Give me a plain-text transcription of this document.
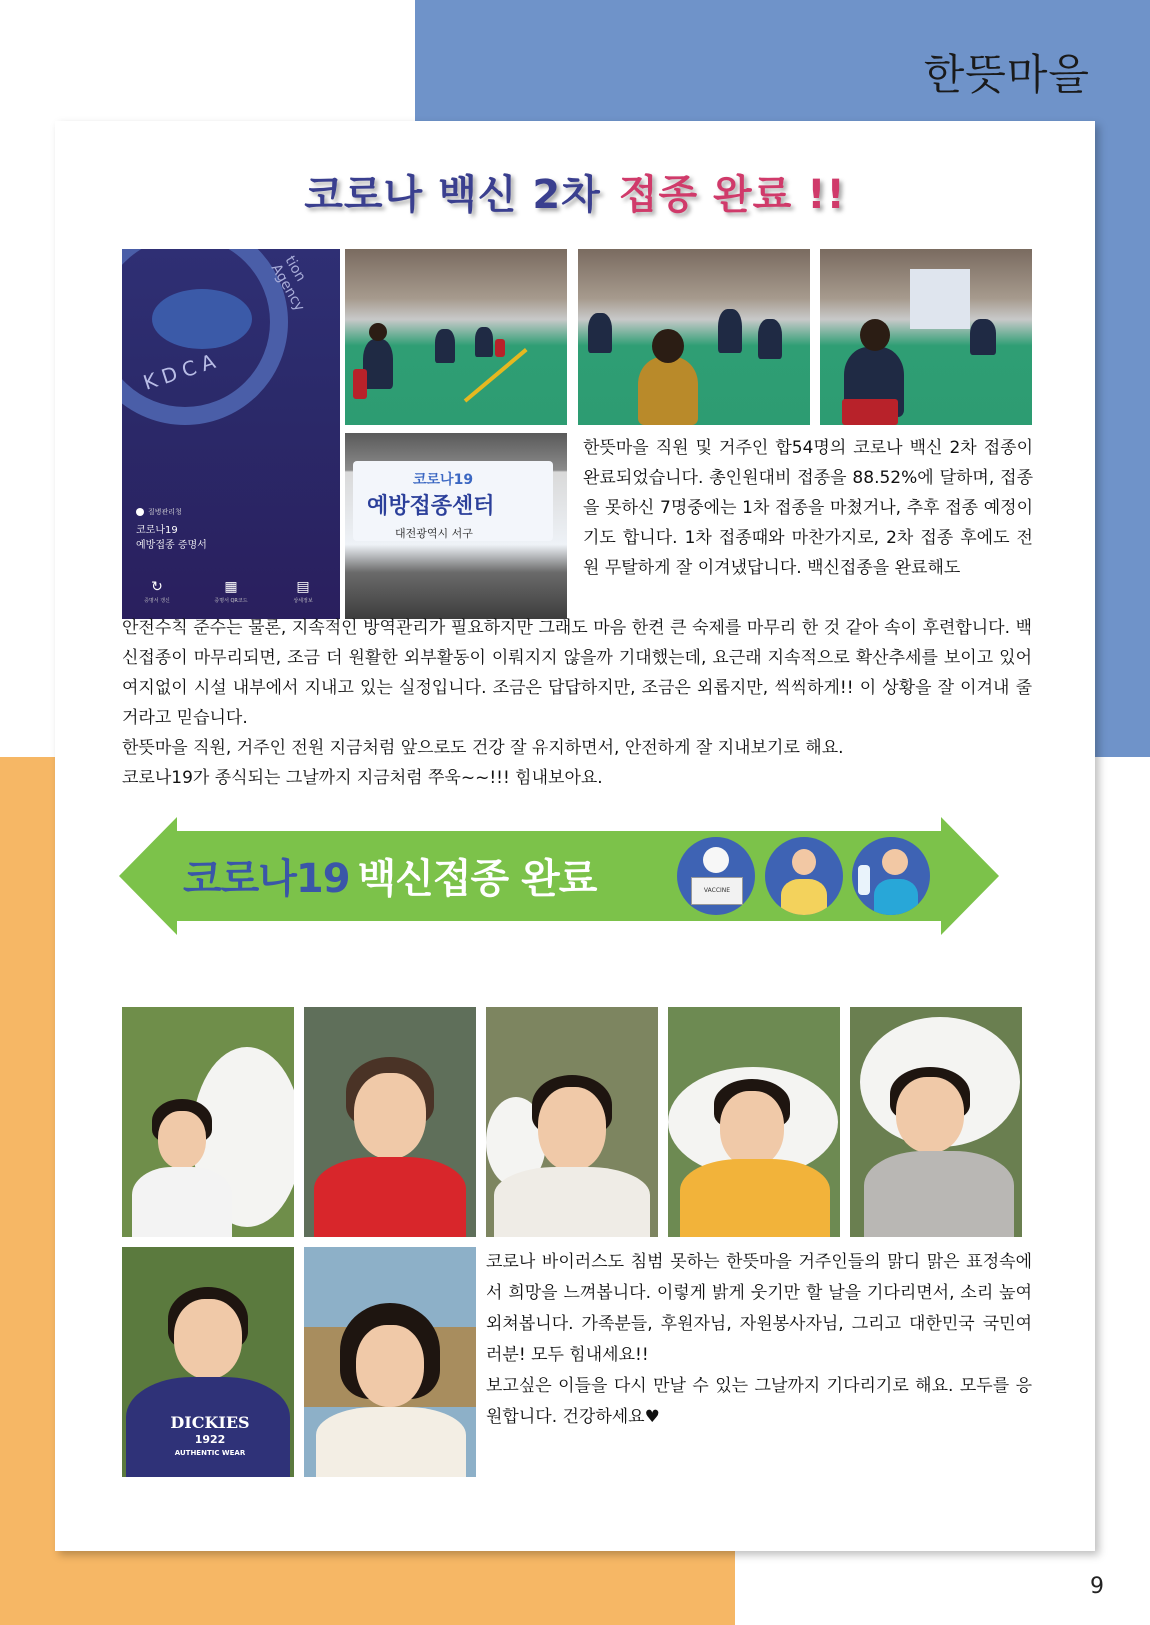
한뜻마을
9
코로나 백신 2차 접종 완료 !!
KDCA
tion Agency
질병관리청
코로나19
예방접종 증명서
↻
증명서 갱신
▦
증명서 QR코드
▤
상세정보
코로나19
예방접종센터
대전광역시 서구

한뜻마을 직원 및 거주인 합54명의 코로나 백신 2차 접종이 완료되었습니다. 총인원대비 접종을 88.52%에 달하며, 접종을 못하신 7명중에는 1차 접종을 마쳤거나, 추후 접종 예정이기도 합니다. 1차 접종때와 마찬가지로, 2차 접종 후에도 전원 무탈하게 잘 이겨냈답니다. 백신접종을 완료해도

안전수칙 준수는 물론, 지속적인 방역관리가 필요하지만 그래도 마음 한켠 큰 숙제를 마무리 한 것 같아 속이 후련합니다. 백신접종이 마무리되면, 조금 더 원활한 외부활동이 이뤄지지 않을까 기대했는데, 요근래 지속적으로 확산추세를 보이고 있어 여지없이 시설 내부에서 지내고 있는 실정입니다. 조금은 답답하지만, 조금은 외롭지만, 씩씩하게!! 이 상황을 잘 이겨내 줄거라고 믿습니다.

한뜻마을 직원, 거주인 전원 지금처럼 앞으로도 건강 잘 유지하면서, 안전하게 잘 지내보기로 해요.

코로나19가 종식되는 그날까지 지금처럼 쭈욱~~!!! 힘내보아요.

코로나19 백신접종 완료	VACCINE
DICKIES
1922
AUTHENTIC WEAR

코로나 바이러스도 침범 못하는 한뜻마을 거주인들의 맑디 맑은 표정속에서 희망을 느껴봅니다. 이렇게 밝게 웃기만 할 날을 기다리면서, 소리 높여 외쳐봅니다. 가족분들, 후원자님, 자원봉사자님, 그리고 대한민국 국민여러분! 모두 힘내세요!!

보고싶은 이들을 다시 만날 수 있는 그날까지 기다리기로 해요. 모두를 응원합니다. 건강하세요♥
